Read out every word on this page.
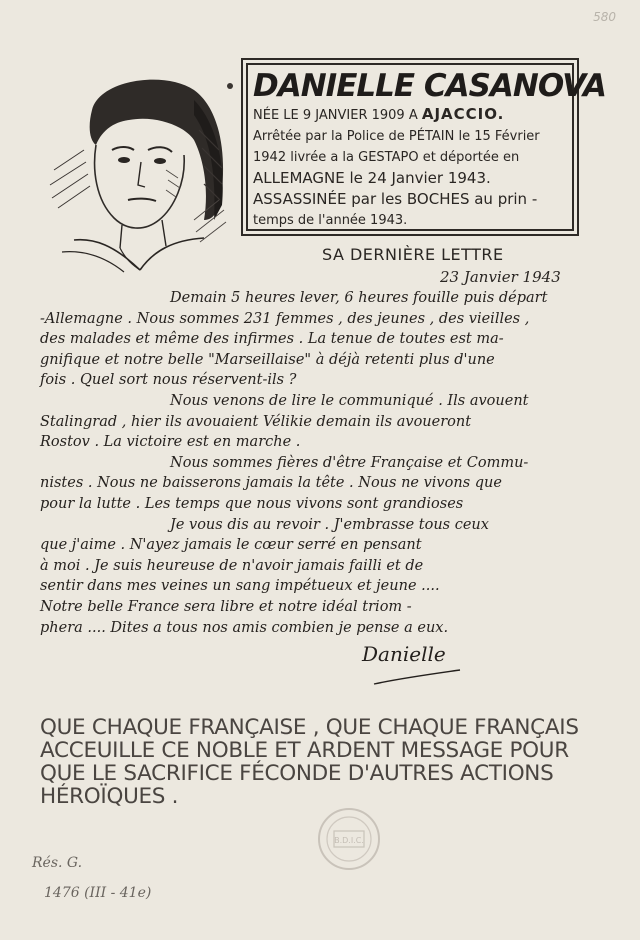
580
DANIELLE CASANOVA
NÉE LE 9 JANVIER 1909 A AJACCIO.
Arrêtée par la Police de PÉTAIN le 15 Février
1942 livrée a la GESTAPO et déportée en
ALLEMAGNE le 24 Janvier 1943.
ASSASSINÉE par les BOCHES au prin -
temps de l'année 1943.
SA DERNIÈRE LETTRE
23 Janvier 1943
Demain 5 heures lever, 6 heures fouille puis départ
-Allemagne . Nous sommes 231 femmes , des jeunes , des vieilles ,
des malades et même des infirmes . La tenue de toutes est ma-
gnifique et notre belle "Marseillaise" à déjà retenti plus d'une
fois . Quel sort nous réservent-ils ?
Nous venons de lire le communiqué . Ils avouent
Stalingrad , hier ils avouaient Vélikie demain ils avoueront
Rostov . La victoire est en marche .
Nous sommes fières d'être Française et Commu-
nistes . Nous ne baisserons jamais la tête . Nous ne vivons que
pour la lutte . Les temps que nous vivons sont grandioses
Je vous dis au revoir . J'embrasse tous ceux
que j'aime . N'ayez jamais le cœur serré en pensant
à moi . Je suis heureuse de n'avoir jamais failli et de
sentir dans mes veines un sang impétueux et jeune ....
Notre belle France sera libre et notre idéal triom -
phera .... Dites a tous nos amis combien je pense a eux.
Danielle
QUE CHAQUE FRANÇAISE , QUE CHAQUE FRANÇAIS
ACCEUILLE CE NOBLE ET ARDENT MESSAGE POUR
QUE LE SACRIFICE FÉCONDE D'AUTRES ACTIONS
HÉROÏQUES .
B.D.I.C.
Rés. G.
1476 (III - 41e)
